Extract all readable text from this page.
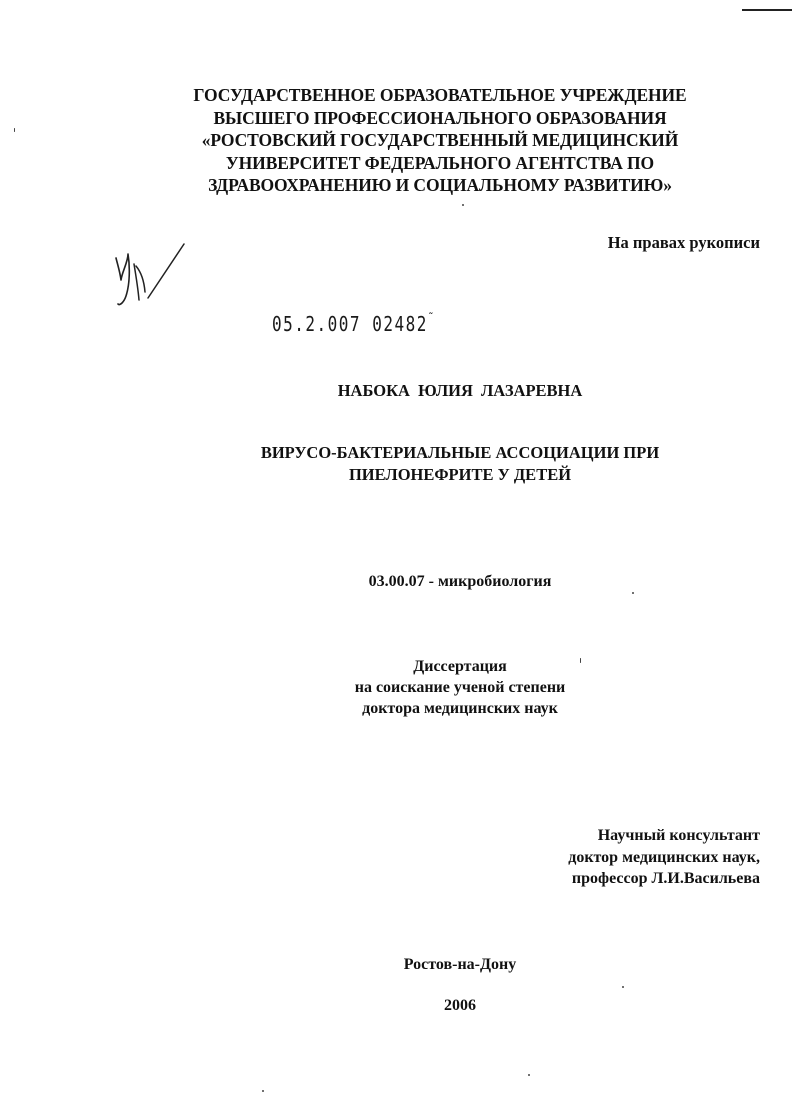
ГОСУДАРСТВЕННОЕ ОБРАЗОВАТЕЛЬНОЕ УЧРЕЖДЕНИЕ
ВЫСШЕГО ПРОФЕССИОНАЛЬНОГО ОБРАЗОВАНИЯ
«РОСТОВСКИЙ ГОСУДАРСТВЕННЫЙ МЕДИЦИНСКИЙ
УНИВЕРСИТЕТ ФЕДЕРАЛЬНОГО АГЕНТСТВА ПО
ЗДРАВООХРАНЕНИЮ И СОЦИАЛЬНОМУ РАЗВИТИЮ»
На правах рукописи
05.2.007 02482˜
НАБОКА ЮЛИЯ ЛАЗАРЕВНА
ВИРУСО-БАКТЕРИАЛЬНЫЕ АССОЦИАЦИИ ПРИ
ПИЕЛОНЕФРИТЕ У ДЕТЕЙ
03.00.07 - микробиология
Диссертация
на соискание ученой степени
доктора медицинских наук
Научный консультант
доктор медицинских наук,
профессор Л.И.Васильева
Ростов-на-Дону
2006
